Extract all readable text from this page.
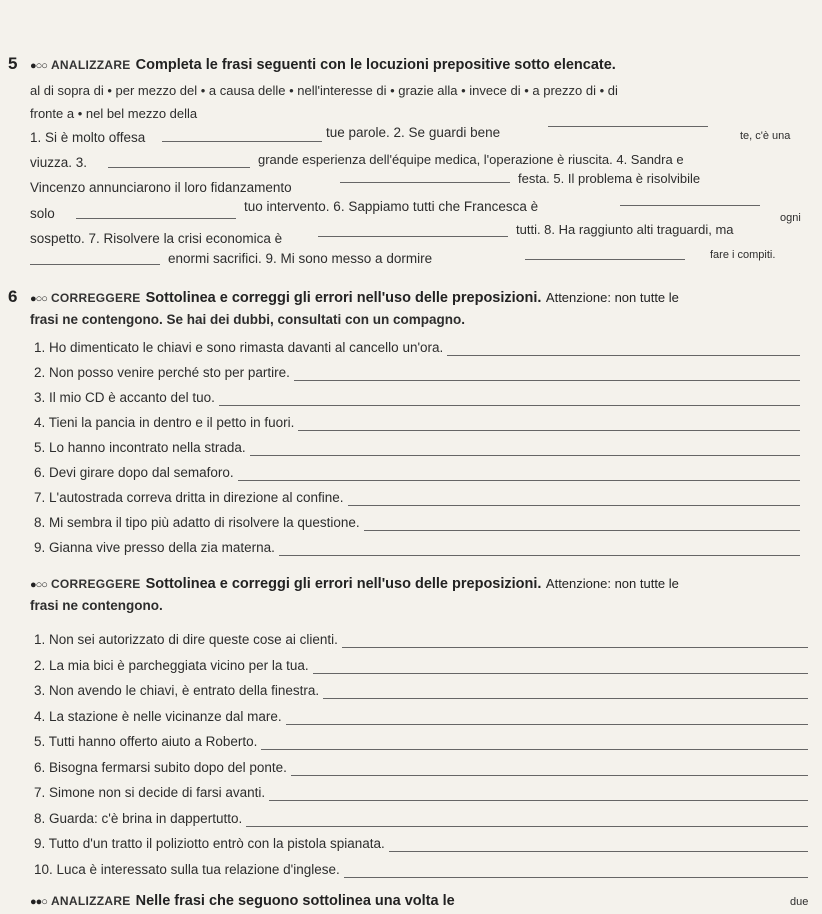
5 ●○○ ANALIZZARE Completa le frasi seguenti con le locuzioni prepositive sotto elencate.
al di sopra di • per mezzo del • a causa delle • nell'interesse di • grazie alla • invece di • a prezzo di • di
fronte a • nel bel mezzo della
1. Si è molto offesa	tue parole. 2. Se guardi bene	te, c'è una
viuzza. 3.	grande esperienza dell'équipe medica, l'operazione è riuscita. 4. Sandra e
Vincenzo annunciarono il loro fidanzamento
festa. 5. Il problema è risolvibile
solo	tuo intervento. 6. Sappiamo tutti che Francesca è
ogni
sospetto. 7. Risolvere la crisi economica è
tutti. 8. Ha raggiunto alti traguardi, ma
enormi sacrifici. 9. Mi sono messo a dormire	fare i compiti.
6 ●○○ CORREGGERE Sottolinea e correggi gli errori nell'uso delle preposizioni. Attenzione: non tutte le
frasi ne contengono. Se hai dei dubbi, consultati con un compagno.
1. Ho dimenticato le chiavi e sono rimasta davanti al cancello un'ora.
2. Non posso venire perché sto per partire.
3. Il mio CD è accanto del tuo.
4. Tieni la pancia in dentro e il petto in fuori.
5. Lo hanno incontrato nella strada.
6. Devi girare dopo dal semaforo.
7. L'autostrada correva dritta in direzione al confine.
8. Mi sembra il tipo più adatto di risolvere la questione.
9. Gianna vive presso della zia materna.
●○○ CORREGGERE Sottolinea e correggi gli errori nell'uso delle preposizioni. Attenzione: non tutte le
frasi ne contengono.
1. Non sei autorizzato di dire queste cose ai clienti.
2. La mia bici è parcheggiata vicino per la tua.
3. Non avendo le chiavi, è entrato della finestra.
4. La stazione è nelle vicinanze dal mare.
5. Tutti hanno offerto aiuto a Roberto.
6. Bisogna fermarsi subito dopo del ponte.
7. Simone non si decide di farsi avanti.
8. Guarda: c'è brina in dappertutto.
9. Tutto d'un tratto il poliziotto entrò con la pistola spianata.
10. Luca è interessato sulla tua relazione d'inglese.
●●○ ANALIZZARE Nelle frasi che seguono sottolinea una volta le	due
